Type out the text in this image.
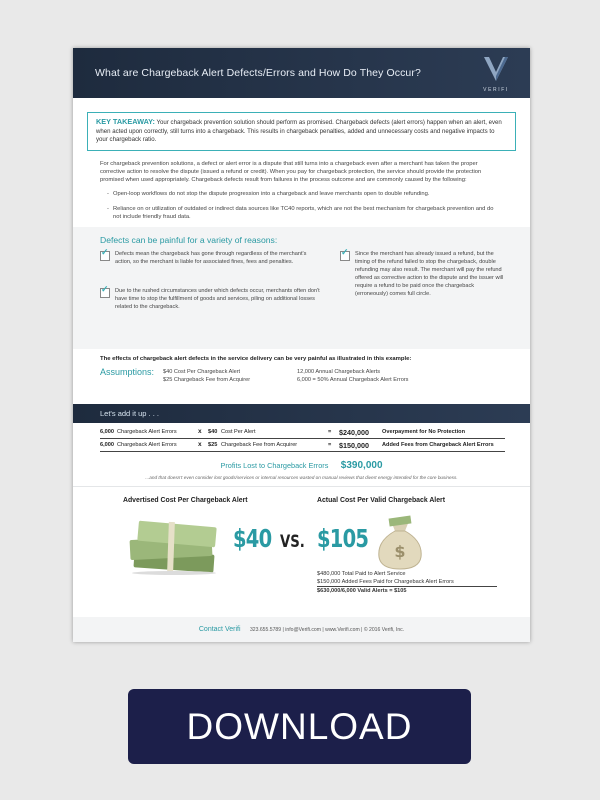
What are Chargeback Alert Defects/Errors and How Do They Occur?
VERIFI
KEY TAKEAWAY: Your chargeback prevention solution should perform as promised. Chargeback defects (alert errors) happen when an alert, even when acted upon correctly, still turns into a chargeback. This results in chargeback penalties, added and unnecessary costs and negative impacts to your chargeback ratio.

For chargeback prevention solutions, a defect or alert error is a dispute that still turns into a chargeback even after a merchant has taken the proper corrective action to resolve the dispute (issued a refund or credit). When you pay for chargeback protection, the service should provide the protection promised when used appropriately. Chargeback defects result from failures in the process outcome and are commonly caused by the following:

- Open-loop workflows do not stop the dispute progression into a chargeback and leave merchants open to double refunding.

- Reliance on or utilization of outdated or indirect data sources like TC40 reports, which are not the best mechanism for chargeback prevention and do not include friendly fraud data.

Defects can be painful for a variety of reasons:
✓
Defects mean the chargeback has gone through regardless of the merchant's action, so the merchant is liable for associated fines, fees and penalties.
✓
Due to the rushed circumstances under which defects occur, merchants often don't have time to stop the fulfillment of goods and services, piling on additional losses related to the chargeback.
✓
Since the merchant has already issued a refund, but the timing of the refund failed to stop the chargeback, double refunding may also result. The merchant will pay the refund offered as corrective action to the dispute and the issuer will require a refund to be paid once the chargeback (erroneously) comes full circle.
The effects of chargeback alert defects in the service delivery can be very painful as illustrated in this example:
Assumptions: $40 Cost Per Chargeback Alert
$25 Chargeback Fee from Acquirer
12,000 Annual Chargeback Alerts
6,000 = 50% Annual Chargeback Alert Errors
Let's add it up . . .
6,000 Chargeback Alert Errors	x $40 Cost Per Alert	= $240,000 Overpayment for No Protection
6,000 Chargeback Alert Errors	x $25 Chargeback Fee from Acquirer	= $150,000 Added Fees from Chargeback Alert Errors
Profits Lost to Chargeback Errors $390,000
...and that doesn't even consider lost goods/services or internal resources wasted on manual reviews that divert energy intended for the core business.
Advertised Cost Per Chargeback Alert	Actual Cost Per Valid Chargeback Alert
$40 VS. $105 $
$480,000 Total Paid to Alert Service
$150,000 Added Fees Paid for Chargeback Alert Errors
$630,000/6,000 Valid Alerts = $105
Contact Verifi 323.655.5789 | info@Verifi.com | www.Verifi.com | © 2016 Verifi, Inc.
DOWNLOAD
